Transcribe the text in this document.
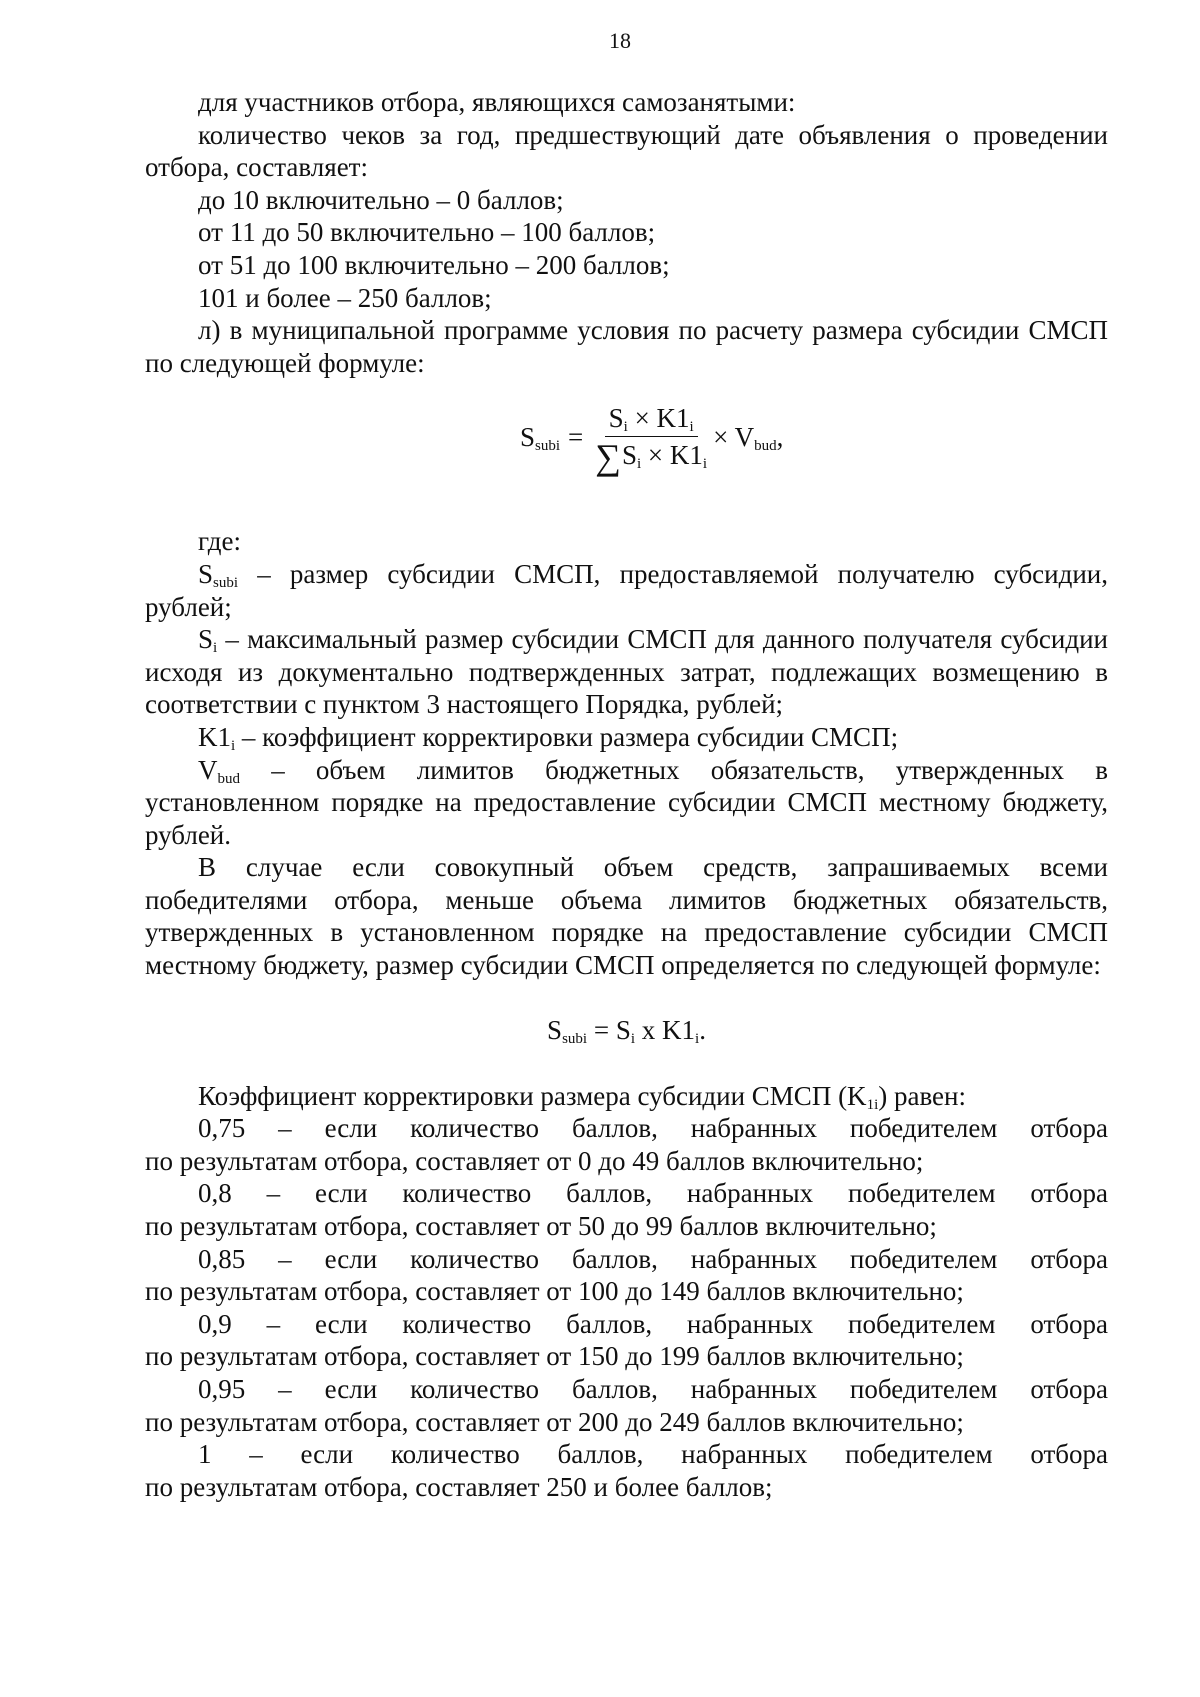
18

для участников отбора, являющихся самозанятыми:

количество чеков за год, предшествующий дате объявления о проведении отбора, составляет:

до 10 включительно – 0 баллов;

от 11 до 50 включительно – 100 баллов;

от 51 до 100 включительно – 200 баллов;

101 и более – 250 баллов;

л) в муниципальной программе условия по расчету размера субсидии СМСП по следующей формуле:

$S_{subi} = \frac{S_i \times K1_i}{\sum S_i \times K1_i} \times V_{bud}$,

где:

$S_{subi}$ – размер субсидии СМСП, предоставляемой получателю субсидии, рублей;

$S_i$ – максимальный размер субсидии СМСП для данного получателя субсидии исходя из документально подтвержденных затрат, подлежащих возмещению в соответствии с пунктом 3 настоящего Порядка, рублей;

$K1_i$ – коэффициент корректировки размера субсидии СМСП;

$V_{bud}$ – объем лимитов бюджетных обязательств, утвержденных в установленном порядке на предоставление субсидии СМСП местному бюджету, рублей.

В случае если совокупный объем средств, запрашиваемых всеми победителями отбора, меньше объема лимитов бюджетных обязательств, утвержденных в установленном порядке на предоставление субсидии СМСП местному бюджету, размер субсидии СМСП определяется по следующей формуле:

$S_{subi} = S_i$ x $K1_i$.

Коэффициент корректировки размера субсидии СМСП $(K_{1i})$ равен:

0,75 – если количество баллов, набранных победителем отбора

по результатам отбора, составляет от 0 до 49 баллов включительно;

0,8 – если количество баллов, набранных победителем отбора

по результатам отбора, составляет от 50 до 99 баллов включительно;

0,85 – если количество баллов, набранных победителем отбора

по результатам отбора, составляет от 100 до 149 баллов включительно;

0,9 – если количество баллов, набранных победителем отбора

по результатам отбора, составляет от 150 до 199 баллов включительно;

0,95 – если количество баллов, набранных победителем отбора

по результатам отбора, составляет от 200 до 249 баллов включительно;

1 – если количество баллов, набранных победителем отбора

по результатам отбора, составляет 250 и более баллов;
